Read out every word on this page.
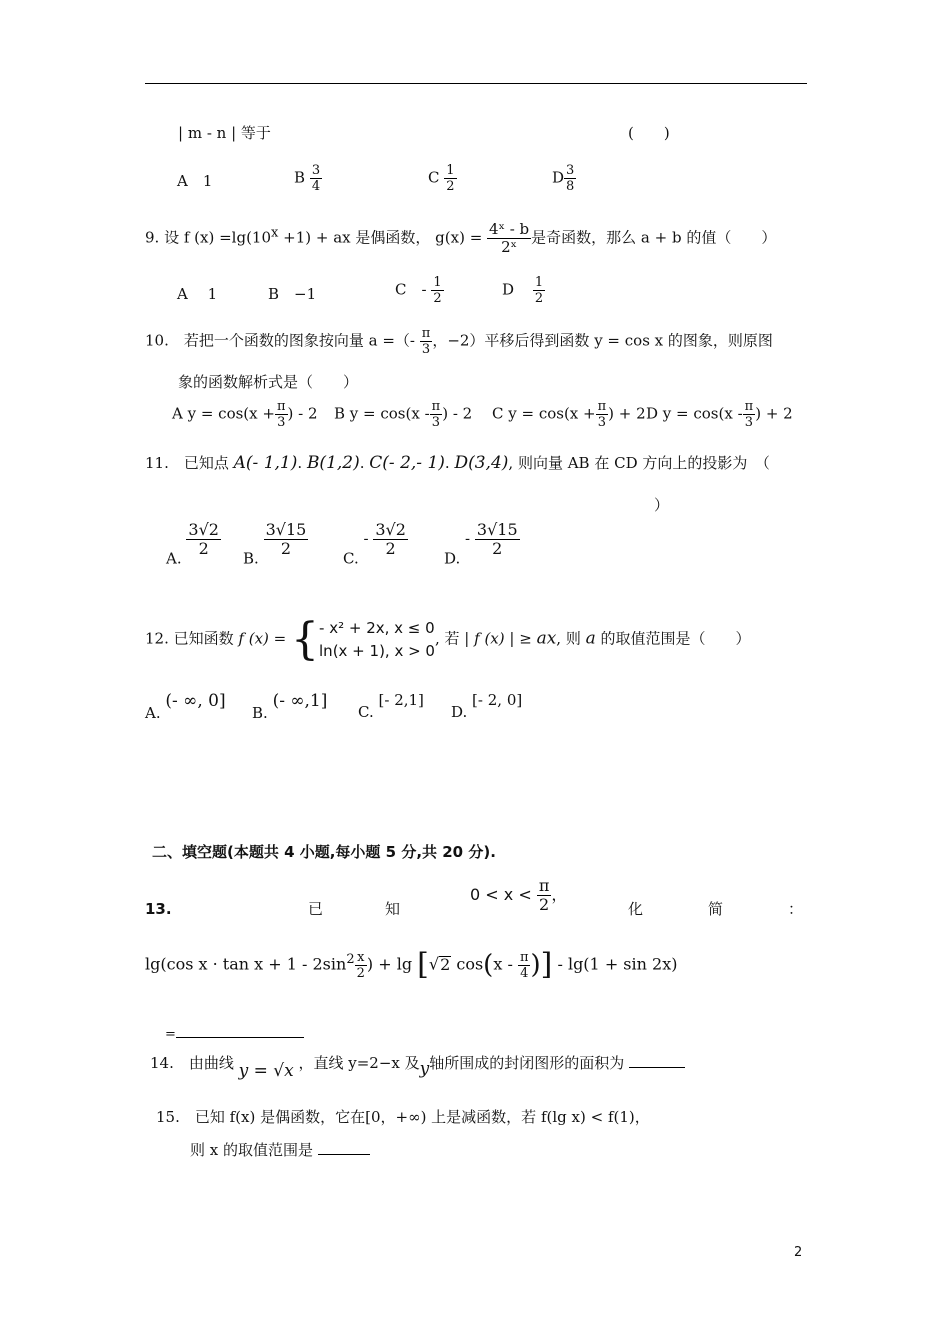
| m - n | 等于	(　　)
A　1	B $\frac{3}{4}$	C $\frac{1}{2}$	D $\frac{3}{8}$
9. 设 f $(x) =\lg(10^x +1)$ + ax 是偶函数， $g(x) = \frac{\text{4ˣ - b}}{\text{2ˣ}}$ 是奇函数，那么 a + b 的值（　　）
A　 1	B　−1	C　- $\frac{1}{2}$	D $\frac{1}{2}$
10.　若把一个函数的图象按向量 a =（- $\frac{\pi}{3}$ ，−2）平移后得到函数 y = cos x 的图象，则原图
象的函数解析式是（　　）
A $y = \cos(x + \frac{\pi}{3}$ ) - 2 B $y = \cos(x - \frac{\pi}{3}$ ) - 2 C $y = \cos(x + \frac{\pi}{3}$ ) + 2 D $y = \cos(x - \frac{\pi}{3}$ ) + 2
11.　已知点 A(- 1,1). B(1,2). C(- 2,- 1). D(3,4), 则向量 AB 在 CD 方向上的投影为　（
）
A.
$\frac{3√2}{2}$
B.
$\frac{3√15}{2}$
C. - $\frac{3√2}{2}$
D. - $\frac{3√15}{2}$
12. 已知函数 f (x) = { - x² + 2x, x ≤ 0
ln(x + 1), x > 0
, 若 | f (x) | ≥ ax, 则 a 的取值范围是（　　）
A. (- ∞, 0]
B. (- ∞,1]
C. [- 2,1]
D. [- 2, 0]
二、填空题(本题共 4 小题,每小题 5 分,共 20 分).
13.	已	知
$0 < x < \frac{\pi}{2}$ ，
化	简	：
lg(cos $x \cdot \tan x + 1 - 2\sin^2 \frac{x}{2}$ ) + lg [√2 $\cos(x - \frac{\pi}{4}$ )] - lg(1 + sin 2x)
=
14.　由曲线 y = √x ，直线 y=2−x 及y轴所围成的封闭图形的面积为
15.　已知 f(x) 是偶函数，它在[0，+∞) 上是减函数，若 f(lg x) < f(1)，
则 x 的取值范围是
2
